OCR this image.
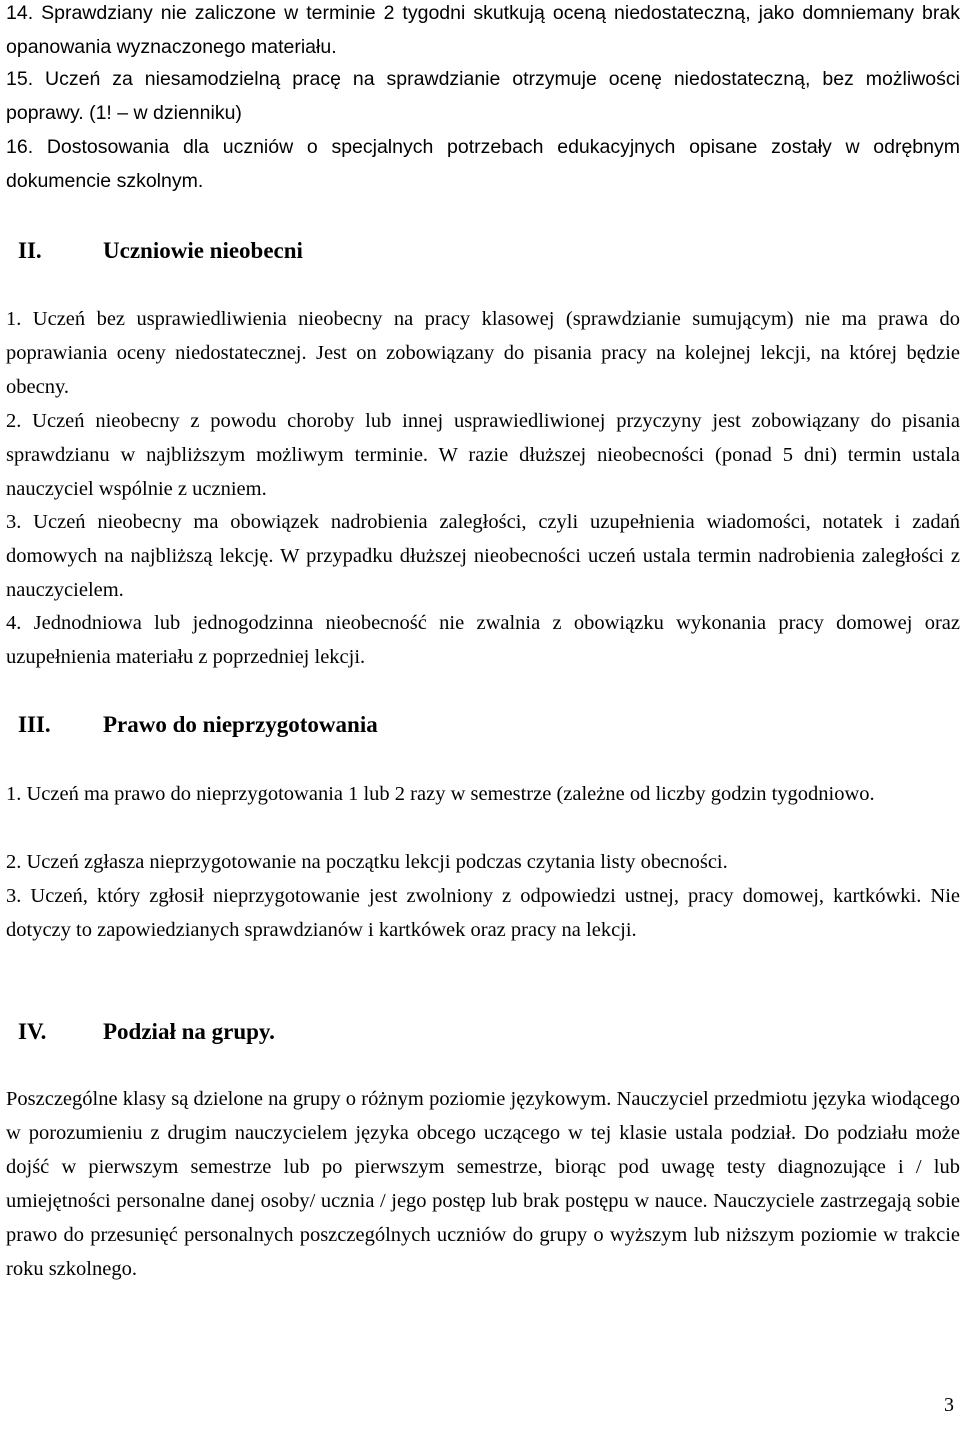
14. Sprawdziany nie zaliczone w terminie 2 tygodni skutkują oceną niedostateczną, jako domniemany brak opanowania wyznaczonego materiału.

15. Uczeń za niesamodzielną pracę na sprawdzianie otrzymuje ocenę niedostateczną, bez możliwości poprawy. (1! – w dzienniku)

16. Dostosowania dla uczniów o specjalnych potrzebach edukacyjnych opisane zostały w odrębnym dokumencie szkolnym.

II.	Uczniowie nieobecni

1. Uczeń bez usprawiedliwienia nieobecny na pracy klasowej (sprawdzianie sumującym) nie ma prawa do poprawiania oceny niedostatecznej. Jest on zobowiązany do pisania pracy na kolejnej lekcji, na której będzie obecny.

2. Uczeń nieobecny z powodu choroby lub innej usprawiedliwionej przyczyny jest zobowiązany do pisania sprawdzianu w najbliższym możliwym terminie. W razie dłuższej nieobecności (ponad 5 dni) termin ustala nauczyciel wspólnie z uczniem.

3. Uczeń nieobecny ma obowiązek nadrobienia zaległości, czyli uzupełnienia wiadomości, notatek i zadań domowych na najbliższą lekcję. W przypadku dłuższej nieobecności uczeń ustala termin nadrobienia zaległości z nauczycielem.

4. Jednodniowa lub jednogodzinna nieobecność nie zwalnia z obowiązku wykonania pracy domowej oraz uzupełnienia materiału z poprzedniej lekcji.

III.	Prawo do nieprzygotowania

1. Uczeń ma prawo do nieprzygotowania 1 lub 2 razy w semestrze (zależne od liczby godzin tygodniowo.

2. Uczeń zgłasza nieprzygotowanie na początku lekcji podczas czytania listy obecności.

3. Uczeń, który zgłosił nieprzygotowanie jest zwolniony z odpowiedzi ustnej, pracy domowej, kartkówki. Nie dotyczy to zapowiedzianych sprawdzianów i kartkówek oraz pracy na lekcji.

IV.	Podział na grupy.

Poszczególne klasy są dzielone na grupy o różnym poziomie językowym. Nauczyciel przedmiotu języka wiodącego w porozumieniu z drugim nauczycielem języka obcego uczącego w tej klasie ustala podział. Do podziału może dojść w pierwszym semestrze lub po pierwszym semestrze, biorąc pod uwagę testy diagnozujące i / lub umiejętności personalne danej osoby/ ucznia / jego postęp lub brak postępu w nauce. Nauczyciele zastrzegają sobie prawo do przesunięć personalnych poszczególnych uczniów do grupy o wyższym lub niższym poziomie w trakcie roku szkolnego.

3
